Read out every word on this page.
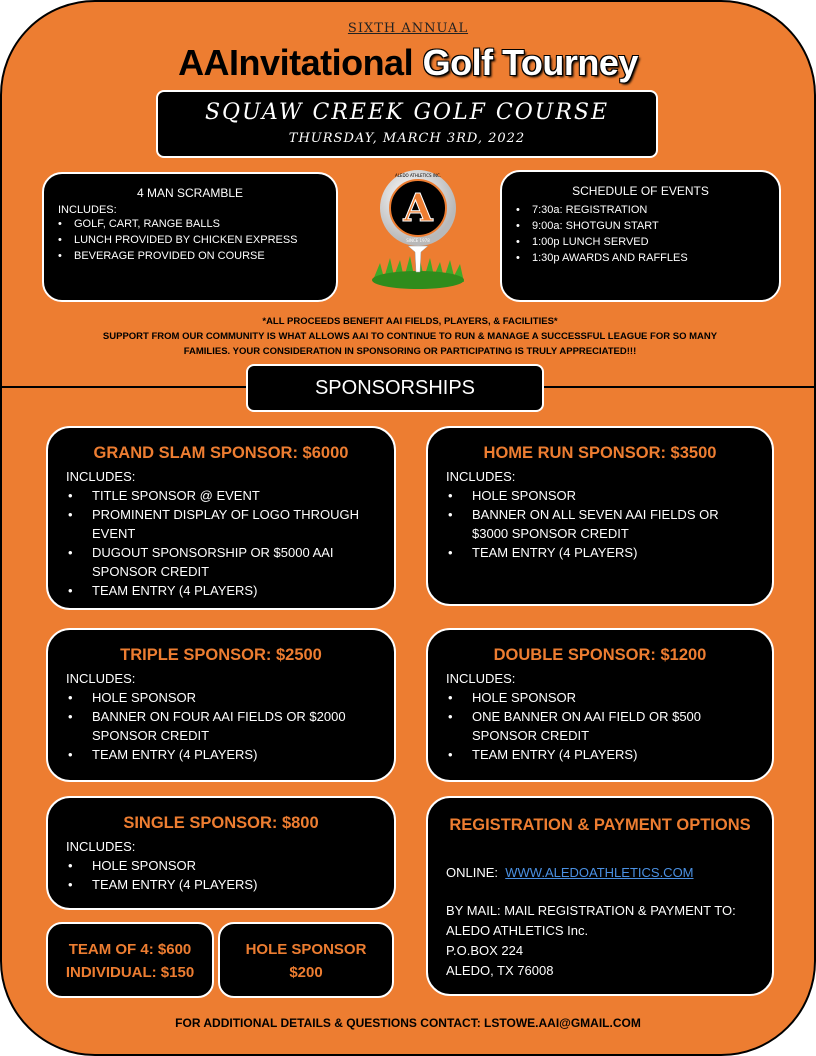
SIXTH ANNUAL
AAInvitational Golf Tourney
SQUAW CREEK GOLF COURSE
THURSDAY, MARCH 3RD, 2022
4 MAN SCRAMBLE
INCLUDES:
• GOLF, CART, RANGE BALLS
• LUNCH PROVIDED BY CHICKEN EXPRESS
• BEVERAGE PROVIDED ON COURSE
A
ALEDO ATHLETICS INC.
SINCE 1978
SCHEDULE OF EVENTS
• 7:30a: REGISTRATION
• 9:00a: SHOTGUN START
• 1:00p LUNCH SERVED
• 1:30p AWARDS AND RAFFLES
*ALL PROCEEDS BENEFIT AAI FIELDS, PLAYERS, & FACILITIES*
SUPPORT FROM OUR COMMUNITY IS WHAT ALLOWS AAI TO CONTINUE TO RUN & MANAGE A SUCCESSFUL LEAGUE FOR SO MANY
FAMILIES. YOUR CONSIDERATION IN SPONSORING OR PARTICIPATING IS TRULY APPRECIATED!!!
SPONSORSHIPS
GRAND SLAM SPONSOR: $6000
INCLUDES:
• TITLE SPONSOR @ EVENT
• PROMINENT DISPLAY OF LOGO THROUGH EVENT
• DUGOUT SPONSORSHIP OR $5000 AAI SPONSOR CREDIT
• TEAM ENTRY (4 PLAYERS)
HOME RUN SPONSOR: $3500
INCLUDES:
• HOLE SPONSOR
• BANNER ON ALL SEVEN AAI FIELDS OR $3000 SPONSOR CREDIT
• TEAM ENTRY (4 PLAYERS)
TRIPLE SPONSOR: $2500
INCLUDES:
• HOLE SPONSOR
• BANNER ON FOUR AAI FIELDS OR $2000 SPONSOR CREDIT
• TEAM ENTRY (4 PLAYERS)
DOUBLE SPONSOR: $1200
INCLUDES:
• HOLE SPONSOR
• ONE BANNER ON AAI FIELD OR $500 SPONSOR CREDIT
• TEAM ENTRY (4 PLAYERS)
SINGLE SPONSOR: $800
INCLUDES:
• HOLE SPONSOR
• TEAM ENTRY (4 PLAYERS)
REGISTRATION & PAYMENT OPTIONS

ONLINE: WWW.ALEDOATHLETICS.COM

BY MAIL: MAIL REGISTRATION & PAYMENT TO:

ALEDO ATHLETICS Inc.

P.O.BOX 224

ALEDO, TX 76008

TEAM OF 4: $600
INDIVIDUAL: $150
HOLE SPONSOR
$200
FOR ADDITIONAL DETAILS & QUESTIONS CONTACT: LSTOWE.AAI@GMAIL.COM
